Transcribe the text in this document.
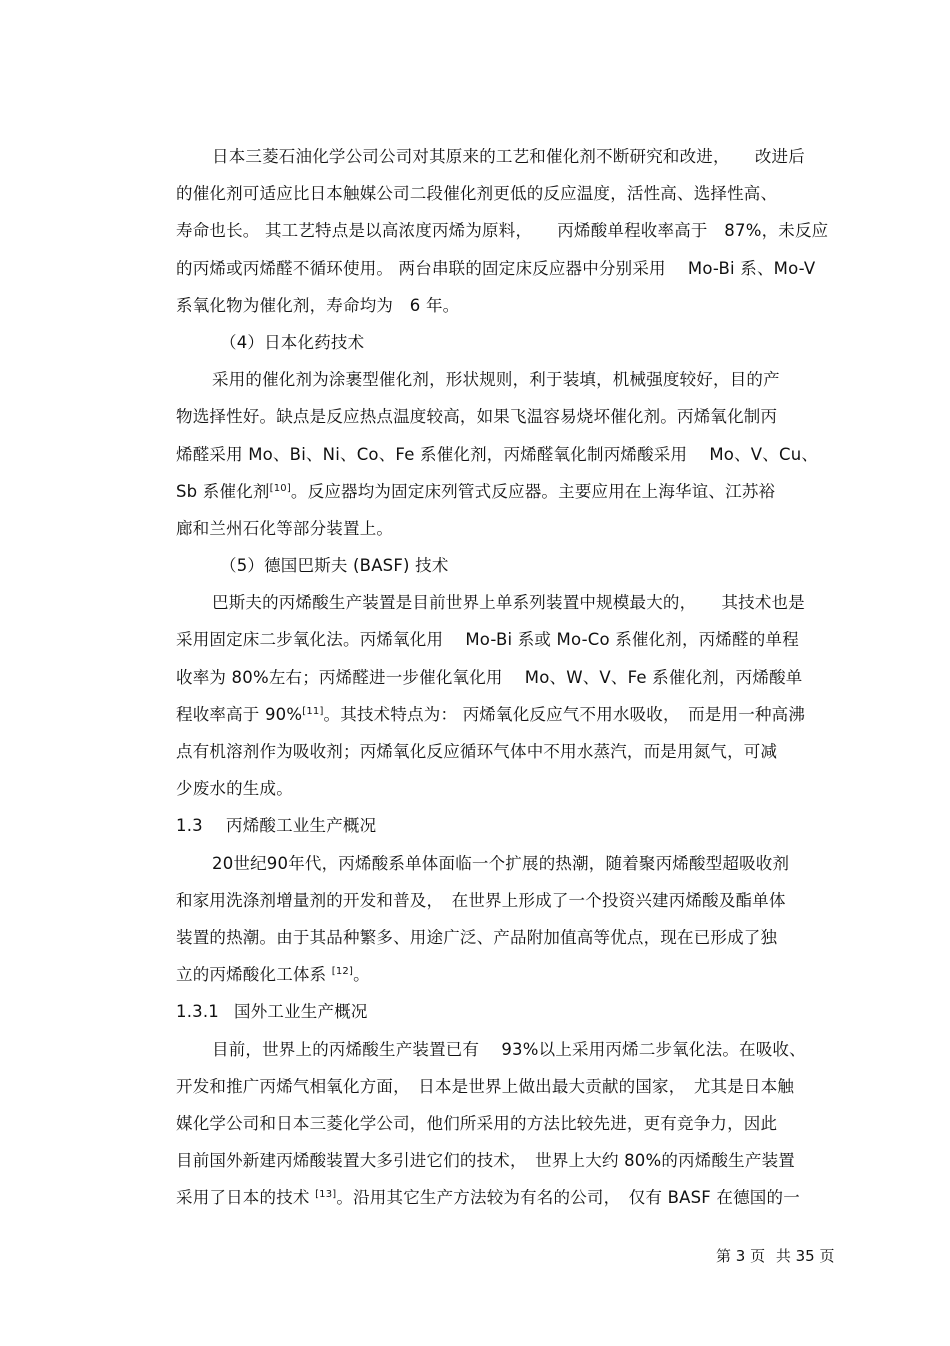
日本三菱石油化学公司公司对其原来的工艺和催化剂不断研究和改进，　　改进后
的催化剂可适应比日本触媒公司二段催化剂更低的反应温度，活性高、选择性高、
寿命也长。 其工艺特点是以高浓度丙烯为原料，　　丙烯酸单程收率高于　87%，未反应
的丙烯或丙烯醛不循环使用。 两台串联的固定床反应器中分别采用　 Mo-Bi 系、Mo-V
系氧化物为催化剂，寿命均为　6 年。
（4）日本化药技术
采用的催化剂为涂裹型催化剂，形状规则，利于装填，机械强度较好，目的产
物选择性好。缺点是反应热点温度较高，如果飞温容易烧坏催化剂。丙烯氧化制丙
烯醛采用 Mo、Bi、Ni、Co、Fe 系催化剂，丙烯醛氧化制丙烯酸采用　 Mo、V、Cu、
Sb 系催化剂[10]。反应器均为固定床列管式反应器。主要应用在上海华谊、江苏裕
廊和兰州石化等部分装置上。
（5）德国巴斯夫 (BASF) 技术
巴斯夫的丙烯酸生产装置是目前世界上单系列装置中规模最大的，　　其技术也是
采用固定床二步氧化法。丙烯氧化用　 Mo-Bi 系或 Mo-Co 系催化剂，丙烯醛的单程
收率为 80%左右；丙烯醛进一步催化氧化用　 Mo、W、V、Fe 系催化剂，丙烯酸单
程收率高于 90%[11]。其技术特点为： 丙烯氧化反应气不用水吸收，　而是用一种高沸
点有机溶剂作为吸收剂；丙烯氧化反应循环气体中不用水蒸汽，而是用氮气，可减
少废水的生成。
1.3 丙烯酸工业生产概况
20世纪90年代，丙烯酸系单体面临一个扩展的热潮，随着聚丙烯酸型超吸收剂
和家用洗涤剂增量剂的开发和普及，　在世界上形成了一个投资兴建丙烯酸及酯单体
装置的热潮。由于其品种繁多、用途广泛、产品附加值高等优点，现在已形成了独
立的丙烯酸化工体系 [12]。
1.3.1 国外工业生产概况
目前，世界上的丙烯酸生产装置已有　 93%以上采用丙烯二步氧化法。在吸收、
开发和推广丙烯气相氧化方面，　日本是世界上做出最大贡献的国家，　尤其是日本触
媒化学公司和日本三菱化学公司，他们所采用的方法比较先进，更有竞争力，因此
目前国外新建丙烯酸装置大多引进它们的技术，　世界上大约 80%的丙烯酸生产装置
采用了日本的技术 [13]。沿用其它生产方法较为有名的公司，　仅有 BASF 在德国的一
第 3 页 共 35 页
